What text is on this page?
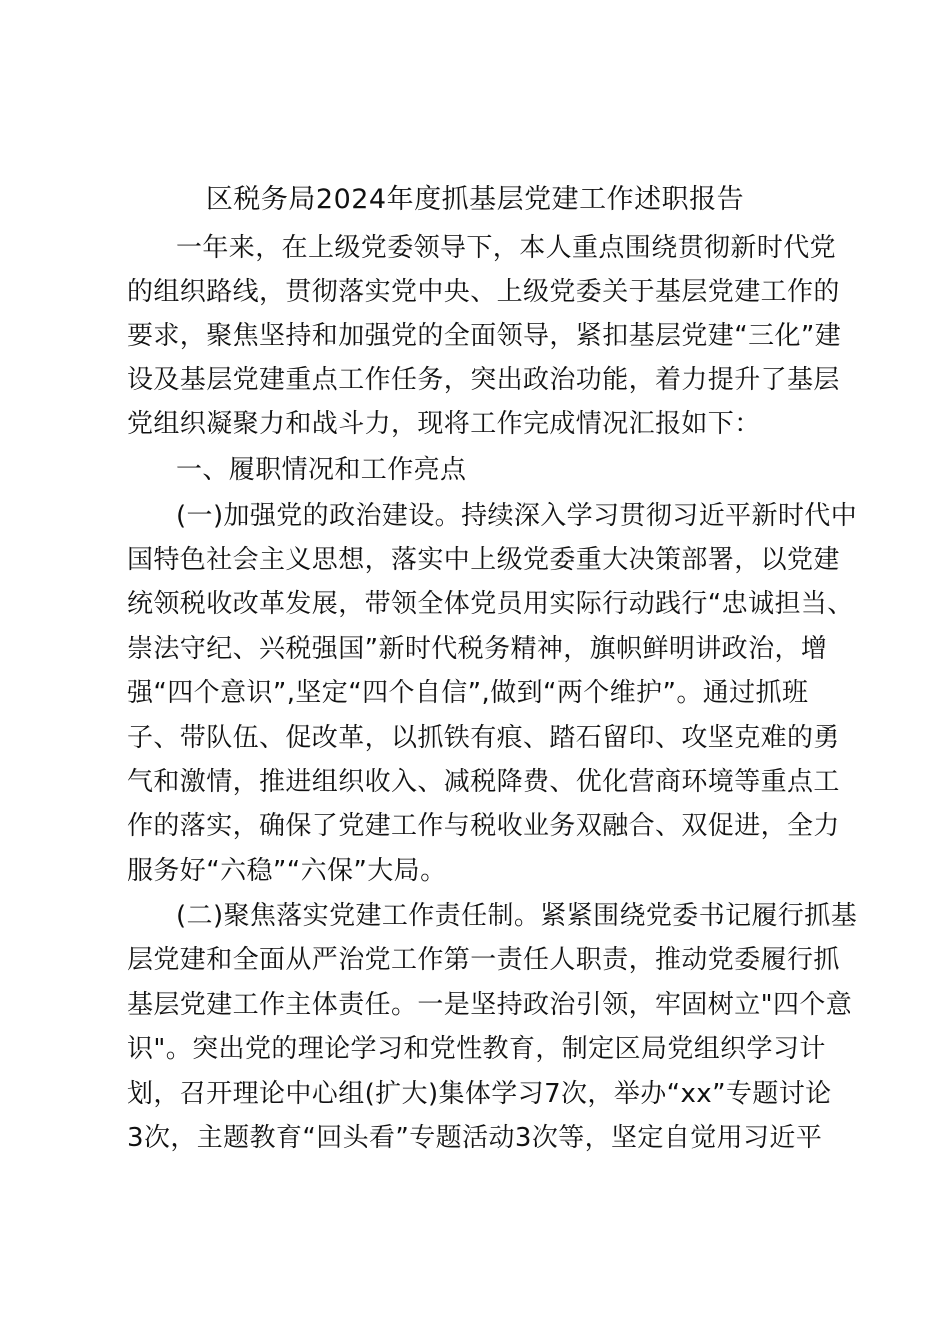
区税务局2024年度抓基层党建工作述职报告
一年来，在上级党委领导下，本人重点围绕贯彻新时代党
的组织路线，贯彻落实党中央、上级党委关于基层党建工作的
要求，聚焦坚持和加强党的全面领导，紧扣基层党建“三化”建
设及基层党建重点工作任务，突出政治功能，着力提升了基层
党组织凝聚力和战斗力，现将工作完成情况汇报如下：
一、履职情况和工作亮点
(一)加强党的政治建设。持续深入学习贯彻习近平新时代中
国特色社会主义思想，落实中上级党委重大决策部署，以党建
统领税收改革发展，带领全体党员用实际行动践行“忠诚担当、
崇法守纪、兴税强国”新时代税务精神，旗帜鲜明讲政治，增
强“四个意识”,坚定“四个自信”,做到“两个维护”。通过抓班
子、带队伍、促改革，以抓铁有痕、踏石留印、攻坚克难的勇
气和激情，推进组织收入、减税降费、优化营商环境等重点工
作的落实，确保了党建工作与税收业务双融合、双促进，全力
服务好“六稳”“六保”大局。
(二)聚焦落实党建工作责任制。紧紧围绕党委书记履行抓基
层党建和全面从严治党工作第一责任人职责，推动党委履行抓
基层党建工作主体责任。一是坚持政治引领，牢固树立"四个意
识"。突出党的理论学习和党性教育，制定区局党组织学习计
划，召开理论中心组(扩大)集体学习7次，举办“xx”专题讨论
3次，主题教育“回头看”专题活动3次等，坚定自觉用习近平
